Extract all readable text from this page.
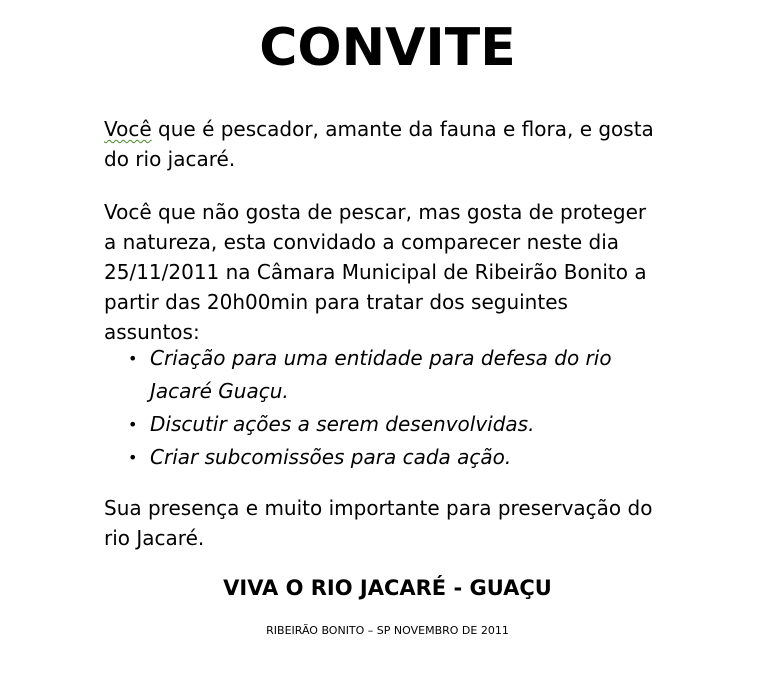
CONVITE
Você que é pescador, amante da fauna e flora, e gosta do rio jacaré.
Você que não gosta de pescar, mas gosta de proteger a natureza, esta convidado a comparecer neste dia 25/11/2011 na Câmara Municipal de Ribeirão Bonito a partir das 20h00min para tratar dos seguintes assuntos:
• Criação para uma entidade para defesa do rio Jacaré Guaçu.
• Discutir ações a serem desenvolvidas.
• Criar subcomissões para cada ação.
Sua presença e muito importante para preservação do rio Jacaré.
VIVA O RIO JACARÉ - GUAÇU
RIBEIRÃO BONITO – SP NOVEMBRO DE 2011
